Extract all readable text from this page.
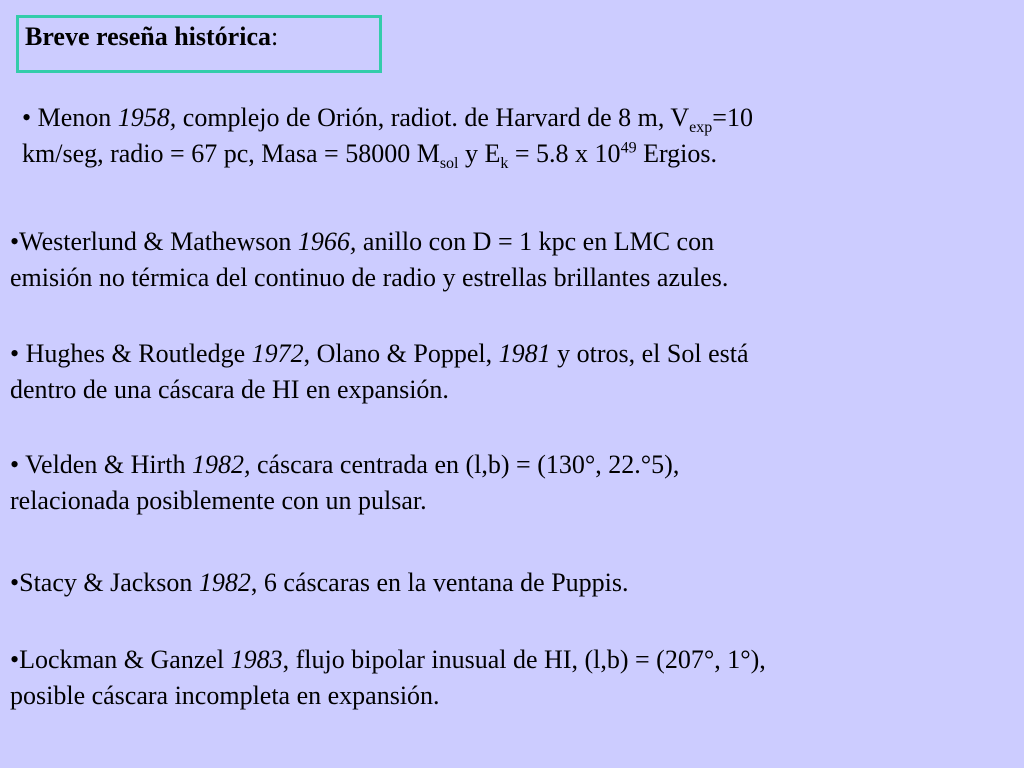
Breve reseña histórica:
• Menon 1958, complejo de Orión, radiot. de Harvard de 8 m, $V_{exp}=10$
km/seg, radio = 67 pc, Masa = 58000 $M_{sol}$ y $E_k = 5.8$ x $10^{49}$ Ergios.
•Westerlund & Mathewson 1966, anillo con D = 1 kpc en LMC con
emisión no térmica del continuo de radio y estrellas brillantes azules.
• Hughes & Routledge 1972, Olano & Poppel, 1981 y otros, el Sol está
dentro de una cáscara de HI en expansión.
• Velden & Hirth 1982, cáscara centrada en (l,b) = (130°, 22.°5),
relacionada posiblemente con un pulsar.
•Stacy & Jackson 1982, 6 cáscaras en la ventana de Puppis.
•Lockman & Ganzel 1983, flujo bipolar inusual de HI, (l,b) = (207°, 1°),
posible cáscara incompleta en expansión.
